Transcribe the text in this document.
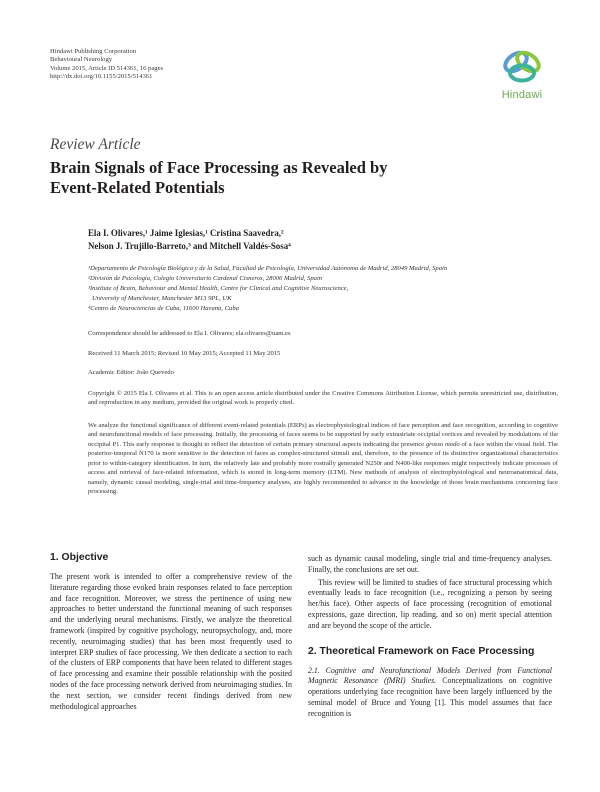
Hindawi Publishing Corporation
Behavioural Neurology
Volume 2015, Article ID 514361, 16 pages
http://dx.doi.org/10.1155/2015/514361
Hindawi
Review Article
Brain Signals of Face Processing as Revealed by
Event-Related Potentials
Ela I. Olivares,¹ Jaime Iglesias,¹ Cristina Saavedra,²
Nelson J. Trujillo-Barreto,³ and Mitchell Valdés-Sosa⁴
¹Departamento de Psicología Biológica y de la Salud, Facultad de Psicología, Universidad Autónoma de Madrid, 28049 Madrid, Spain
²División de Psicología, Colegio Universitario Cardenal Cisneros, 28006 Madrid, Spain
³Institute of Brain, Behaviour and Mental Health, Centre for Clinical and Cognitive Neuroscience,
University of Manchester, Manchester M13 9PL, UK
⁴Centro de Neurociencias de Cuba, 11600 Havana, Cuba
Correspondence should be addressed to Ela I. Olivares; ela.olivares@uam.es
Received 11 March 2015; Revised 10 May 2015; Accepted 11 May 2015
Academic Editor: João Quevedo
Copyright © 2015 Ela I. Olivares et al. This is an open access article distributed under the Creative Commons Attribution License, which permits unrestricted use, distribution, and reproduction in any medium, provided the original work is properly cited.
We analyze the functional significance of different event-related potentials (ERPs) as electrophysiological indices of face perception and face recognition, according to cognitive and neurofunctional models of face processing. Initially, the processing of faces seems to be supported by early extrastriate occipital cortices and revealed by modulations of the occipital P1. This early response is thought to reflect the detection of certain primary structural aspects indicating the presence grosso modo of a face within the visual field. The posterior-temporal N170 is more sensitive to the detection of faces as complex-structured stimuli and, therefore, to the presence of its distinctive organizational characteristics prior to within-category identification. In turn, the relatively late and probably more rostrally generated N250r and N400-like responses might respectively indicate processes of access and retrieval of face-related information, which is stored in long-term memory (LTM). New methods of analysis of electrophysiological and neuroanatomical data, namely, dynamic causal modeling, single-trial and time-frequency analyses, are highly recommended to advance in the knowledge of those brain mechanisms concerning face processing.
1. Objective

The present work is intended to offer a comprehensive review of the literature regarding those evoked brain responses related to face perception and face recognition. Moreover, we stress the pertinence of using new approaches to better understand the functional meaning of such responses and the underlying neural mechanisms. Firstly, we analyze the theoretical framework (inspired by cognitive psychology, neuropsychology, and, more recently, neuroimaging studies) that has been most frequently used to interpret ERP studies of face processing. We then dedicate a section to each of the clusters of ERP components that have been related to different stages of face processing and examine their possible relationship with the posited nodes of the face processing network derived from neuroimaging studies. In the next section, we consider recent findings derived from new methodological approaches

such as dynamic causal modeling, single trial and time-frequency analyses. Finally, the conclusions are set out.

This review will be limited to studies of face structural processing which eventually leads to face recognition (i.e., recognizing a person by seeing her/his face). Other aspects of face processing (recognition of emotional expressions, gaze direction, lip reading, and so on) merit special attention and are beyond the scope of the article.

2. Theoretical Framework on Face Processing

2.1. Cognitive and Neurofunctional Models Derived from Functional Magnetic Resonance (fMRI) Studies. Conceptualizations on cognitive operations underlying face recognition have been largely influenced by the seminal model of Bruce and Young [1]. This model assumes that face recognition is
